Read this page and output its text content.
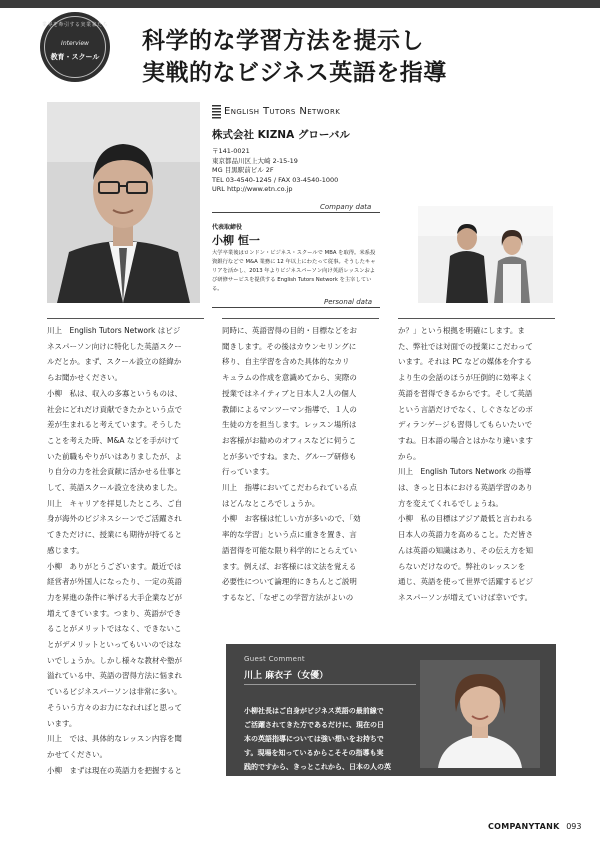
業界を牽引する実業家たち
Interview
教育・スクール
科学的な学習方法を提示し
実戦的なビジネス英語を指導
English Tutors Network
株式会社 KIZNA グローバル
〒141-0021
東京都品川区上大崎 2-15-19
MG 目黒駅前ビル 2F
TEL 03-4540-1245 / FAX 03-4540-1000
URL http://www.etn.co.jp
Company data
代表取締役
小柳 恒一
大学卒業後はロンドン・ビジネス・スクールで MBA を取得。米系投資銀行などで M&A 業務に 12 年以上にわたって従事。そうしたキャリアを活かし、2013 年よりビジネスパーソン向け英語レッスンおよび研修サービスを提供する English Tutors Network を主宰している。
Personal data

川上　English Tutors Network はビジ

ネスパーソン向けに特化した英語スクー

ルだとか。まず、スクール設立の経緯か

らお聞かせください。

小柳　私は、収入の多寡というものは、

社会にどれだけ貢献できたかという点で

差が生まれると考えています。そうした

ことを考えた時、M&A などを手がけて

いた前職もやりがいはありましたが、よ

り自分の力を社会貢献に活かせる仕事と

して、英語スクール設立を決めました。

川上　キャリアを拝見したところ、ご自

身が海外のビジネスシーンでご活躍され

てきただけに、授業にも期待が持てると

感じます。

小柳　ありがとうございます。最近では

経営者が外国人になったり、一定の英語

力を昇進の条件に挙げる大手企業などが

増えてきています。つまり、英語ができ

ることがメリットではなく、できないこ

とがデメリットといってもいいのではな

いでしょうか。しかし様々な教材や塾が

溢れている中、英語の習得方法に悩まれ

ているビジネスパーソンは非常に多い。

そういう方々のお力になれればと思って

います。

川上　では、具体的なレッスン内容を聞

かせてください。

小柳　まずは現在の英語力を把握すると

同時に、英語習得の目的・目標などをお

聞きします。その後はカウンセリングに

移り、自主学習を含めた具体的なカリ

キュラムの作成を意識めてから、実際の

授業ではネイティブと日本人２人の個人

教師によるマンツーマン指導で、１人の

生徒の方を担当します。レッスン場所は

お客様がお勧めのオフィスなどに伺うこ

とが多いですね。また、グループ研修も

行っています。

川上　指導においてこだわられている点

はどんなところでしょうか。

小柳　お客様は忙しい方が多いので、「効

率的な学習」という点に重きを置き、言

語習得を可能な限り科学的にとらえてい

ます。例えば、お客様には文法を覚える

必要性について論理的にきちんとご説明

するなど、「なぜこの学習方法がよいの

か？」という根拠を明確にします。ま

た、弊社では対面での授業にこだわって

います。それは PC などの媒体を介する

より生の会話のほうが圧倒的に効率よく

英語を習得できるからです。そして英語

という言語だけでなく、しぐさなどのボ

ディランゲージも習得してもらいたいで

すね。日本語の場合とはかなり違います

から。

川上　English Tutors Network の指導

は、きっと日本における英語学習のあり

方を変えてくれるでしょうね。

小柳　私の目標はアジア最低と言われる

日本人の英語力を高めること。ただ皆さ

んは英語の知識はあり、その伝え方を知

らないだけなので。弊社のレッスンを

通じ、英語を使って世界で活躍するビジ

ネスパーソンが増えていけば幸いです。

Guest Comment
川上 麻衣子（女優）

小柳社長はご自身がビジネス英語の最前線で

ご活躍されてきた方であるだけに、現在の日

本の英語指導については強い想いをお持ちで

す。現場を知っているからこそその指導も実

践的ですから、きっとこれから、日本の人の英

語力向上に貢献されていかれることでしょう。

COMPANYTANK 093
